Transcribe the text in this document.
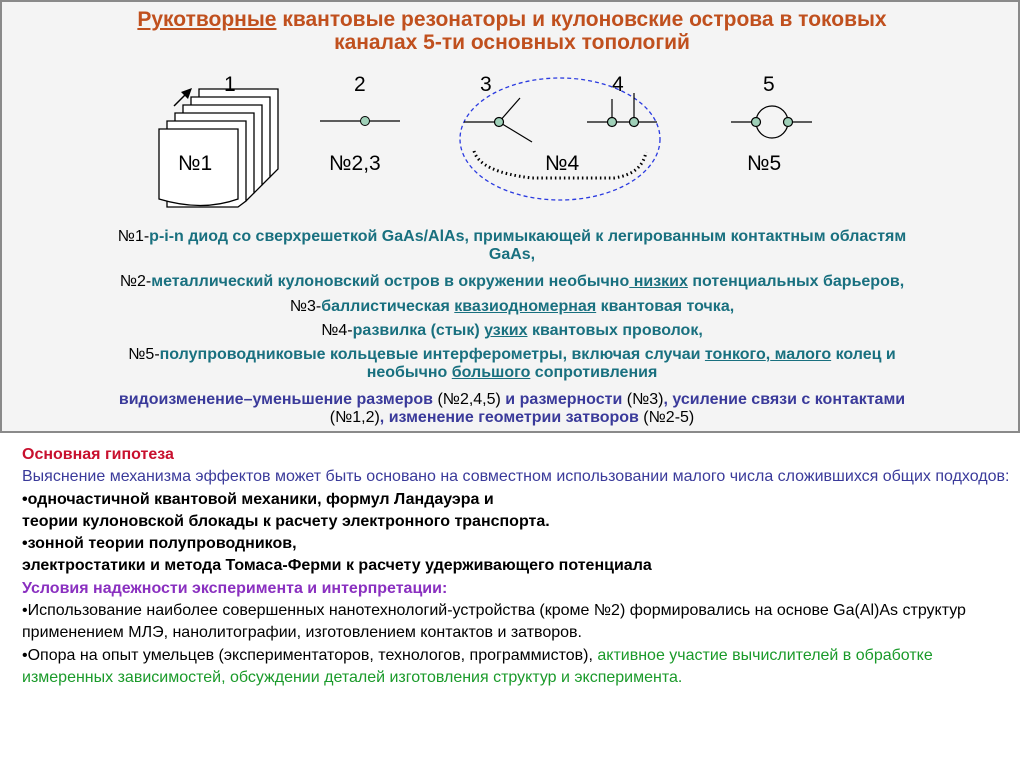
Рукотворные квантовые резонаторы и кулоновские острова в токовых
каналах 5-ти основных топологий
1	2	3	4	5
№1	№2,3	№4	№5
№1-p-i-n диод со сверхрешеткой GaAs/AlAs, примыкающей к легированным контактным областям
GaAs,
№2-металлический кулоновский остров в окружении необычно низких потенциальных барьеров,
№3-баллистическая квазиодномерная квантовая точка,
№4-развилка (стык) узких квантовых проволок,
№5-полупроводниковые кольцевые интерферометры, включая случаи тонкого, малого колец и
необычно большого сопротивления
видоизменение–уменьшение размеров (№2,4,5) и размерности (№3), усиление связи с контактами
(№1,2), изменение геометрии затворов (№2-5)
Основная гипотеза
Выяснение механизма эффектов может быть основано на совместном использовании малого числа сложившихся общих подходов:
•одночастичной квантовой механики, формул Ландауэра и
теории кулоновской блокады к расчету электронного транспорта.
•зонной теории полупроводников,
электростатики и метода Томаса-Ферми к расчету удерживающего потенциала
Условия надежности эксперимента и интерпретации:
•Использование наиболее совершенных нанотехнологий-устройства (кроме №2) формировались на основе Ga(Al)As структур применением МЛЭ, нанолитографии, изготовлением контактов и затворов.
•Опора на опыт умельцев (экспериментаторов, технологов, программистов), активное участие вычислителей в обработке измеренных зависимостей, обсуждении деталей изготовления структур и эксперимента.
